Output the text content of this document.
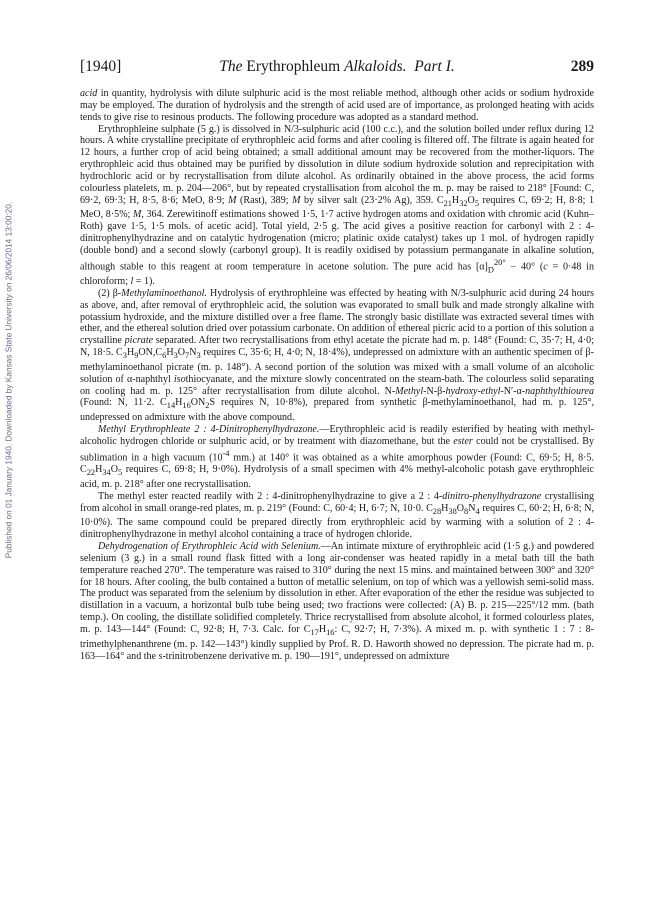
Published on 01 January 1940. Downloaded by Kansas State University on 26/06/2014 13:00:20.
[1940]	The Erythrophleum Alkaloids. Part I.	289

acid in quantity, hydrolysis with dilute sulphuric acid is the most reliable method, although other acids or sodium hydroxide may be employed. The duration of hydrolysis and the strength of acid used are of importance, as prolonged heating with acids tends to give rise to resinous products. The following procedure was adopted as a standard method.

Erythrophleine sulphate (5 g.) is dissolved in N/3-sulphuric acid (100 c.c.), and the solution boiled under reflux during 12 hours. A white crystalline precipitate of erythrophleic acid forms and after cooling is filtered off. The filtrate is again heated for 12 hours, a further crop of acid being obtained; a small additional amount may be recovered from the mother-liquors. The erythrophleic acid thus obtained may be purified by dissolution in dilute sodium hydroxide solution and reprecipitation with hydrochloric acid or by recrystallisation from dilute alcohol. As ordinarily obtained in the above process, the acid forms colourless platelets, m. p. 204—206°, but by repeated crystallisation from alcohol the m. p. may be raised to 218° [Found: C, 69·2, 69·3; H, 8·5, 8·6; MeO, 8·9; M (Rast), 389; M by silver salt (23·2% Ag), 359. $C_{21}H_{32}O_5$ requires C, 69·2; H, 8·8; 1 MeO, 8·5%; M, 364. Zerewitinoff estimations showed 1·5, 1·7 active hydrogen atoms and oxidation with chromic acid (Kuhn–Roth) gave 1·5, 1·5 mols. of acetic acid]. Total yield, 2·5 g. The acid gives a positive reaction for carbonyl with 2 : 4-dinitrophenylhydrazine and on catalytic hydrogenation (micro; platinic oxide catalyst) takes up 1 mol. of hydrogen rapidly (double bond) and a second slowly (carbonyl group). It is readily oxidised by potassium permanganate in alkaline solution, although stable to this reagent at room temperature in acetone solution. The pure acid has $[\alpha]_D^{20^\circ} - 40^\circ$ (c = 0·48 in chloroform; l = 1).

(2) β-Methylaminoethanol. Hydrolysis of erythrophleine was effected by heating with N/3-sulphuric acid during 24 hours as above, and, after removal of erythrophleic acid, the solution was evaporated to small bulk and made strongly alkaline with potassium hydroxide, and the mixture distilled over a free flame. The strongly basic distillate was extracted several times with ether, and the ethereal solution dried over potassium carbonate. On addition of ethereal picric acid to a portion of this solution a crystalline picrate separated. After two recrystallisations from ethyl acetate the picrate had m. p. 148° (Found: C, 35·7; H, 4·0; N, 18·5. $C_3H_9ON,C_6H_3O_7N_3$ requires C, 35·6; H, 4·0; N, 18·4%), undepressed on admixture with an authentic specimen of β-methylaminoethanol picrate (m. p. 148°). A second portion of the solution was mixed with a small volume of an alcoholic solution of α-naphthyl isothiocyanate, and the mixture slowly concentrated on the steam-bath. The colourless solid separating on cooling had m. p. 125° after recrystallisation from dilute alcohol. N-Methyl-N-β-hydroxy-ethyl-N′-α-naphthylthiourea (Found: N, 11·2. $C_{14}H_{16}ON_2S$ requires N, 10·8%), prepared from synthetic β-methylaminoethanol, had m. p. 125°, undepressed on admixture with the above compound.

Methyl Erythrophleate 2 : 4-Dinitrophenylhydrazone.—Erythrophleic acid is readily esterified by heating with methyl-alcoholic hydrogen chloride or sulphuric acid, or by treatment with diazomethane, but the ester could not be crystallised. By sublimation in a high vacuum ($10^{-4}$ mm.) at 140° it was obtained as a white amorphous powder (Found: C, 69·5; H, 8·5. $C_{22}H_{34}O_5$ requires C, 69·8; H, 9·0%). Hydrolysis of a small specimen with 4% methyl-alcoholic potash gave erythrophleic acid, m. p. 218° after one recrystallisation.

The methyl ester reacted readily with 2 : 4-dinitrophenylhydrazine to give a 2 : 4-dinitro-phenylhydrazone crystallising from alcohol in small orange-red plates, m. p. 219° (Found: C, 60·4; H, 6·7; N, 10·0. $C_{28}H_{38}O_8N_4$ requires C, 60·2; H, 6·8; N, 10·0%). The same compound could be prepared directly from erythrophleic acid by warming with a solution of 2 : 4-dinitrophenylhydrazone in methyl alcohol containing a trace of hydrogen chloride.

Dehydrogenation of Erythrophleic Acid with Selenium.—An intimate mixture of erythrophleic acid (1·5 g.) and powdered selenium (3 g.) in a small round flask fitted with a long air-condenser was heated rapidly in a metal bath till the bath temperature reached 270°. The temperature was raised to 310° during the next 15 mins. and maintained between 300° and 320° for 18 hours. After cooling, the bulb contained a button of metallic selenium, on top of which was a yellowish semi-solid mass. The product was separated from the selenium by dissolution in ether. After evaporation of the ether the residue was subjected to distillation in a vacuum, a horizontal bulb tube being used; two fractions were collected: (A) B. p. 215—225°/12 mm. (bath temp.). On cooling, the distillate solidified completely. Thrice recrystallised from absolute alcohol, it formed colourless plates, m. p. 143—144° (Found: C, 92·8; H, 7·3. Calc. for $C_{17}H_{16}$: C, 92·7; H, 7·3%). A mixed m. p. with synthetic 1 : 7 : 8-trimethylphenanthrene (m. p. 142—143°) kindly supplied by Prof. R. D. Haworth showed no depression. The picrate had m. p. 163—164° and the s-trinitrobenzene derivative m. p. 190—191°, undepressed on admixture
